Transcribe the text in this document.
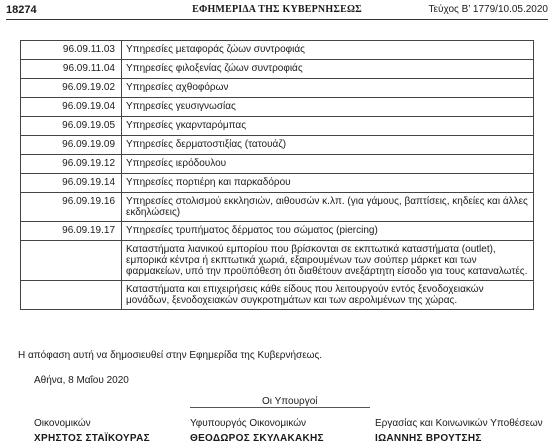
18274	ΕΦΗΜΕΡΙΔΑ ΤΗΣ ΚΥΒΕΡΝΗΣΕΩΣ	Τεύχος Β’ 1779/10.05.2020
96.09.11.03	Υπηρεσίες μεταφοράς ζώων συντροφιάς
96.09.11.04	Υπηρεσίες φιλοξενίας ζώων συντροφιάς
96.09.19.02	Υπηρεσίες αχθοφόρων
96.09.19.04	Υπηρεσίες γευσιγνωσίας
96.09.19.05	Υπηρεσίες γκαρνταρόμπας
96.09.19.09	Υπηρεσίες δερματοστιξίας (τατουάζ)
96.09.19.12	Υπηρεσίες ιερόδουλου
96.09.19.14	Υπηρεσίες πορτιέρη και παρκαδόρου
96.09.19.16	Υπηρεσίες στολισμού εκκλησιών, αιθουσών κ.λπ. (για γάμους, βαπτίσεις, κηδείες και άλλες εκδηλώσεις)
96.09.19.17	Υπηρεσίες τρυπήματος δέρματος του σώματος (piercing)
	Καταστήματα λιανικού εμπορίου που βρίσκονται σε εκπτωτικά καταστήματα (outlet), εμπορικά κέντρα ή εκπτωτικά χωριά, εξαιρουμένων των σούπερ μάρκετ και των φαρμακείων, υπό την προϋπόθεση ότι διαθέτουν ανεξάρτητη είσοδο για τους καταναλωτές.
	Καταστήματα και επιχειρήσεις κάθε είδους που λειτουργούν εντός ξενοδοχειακών μονάδων, ξενοδοχειακών συγκροτημάτων και των αερολιμένων της χώρας.
Η απόφαση αυτή να δημοσιευθεί στην Εφημερίδα της Κυβερνήσεως.
Αθήνα, 8 Μαΐου 2020
Οι Υπουργοί
Οικονομικών
ΧΡΗΣΤΟΣ ΣΤΑΪΚΟΥΡΑΣ
Υφυπουργός Οικονομικών
ΘΕΟΔΩΡΟΣ ΣΚΥΛΑΚΑΚΗΣ
Εργασίας και Κοινωνικών Υποθέσεων
ΙΩΑΝΝΗΣ ΒΡΟΥΤΣΗΣ
